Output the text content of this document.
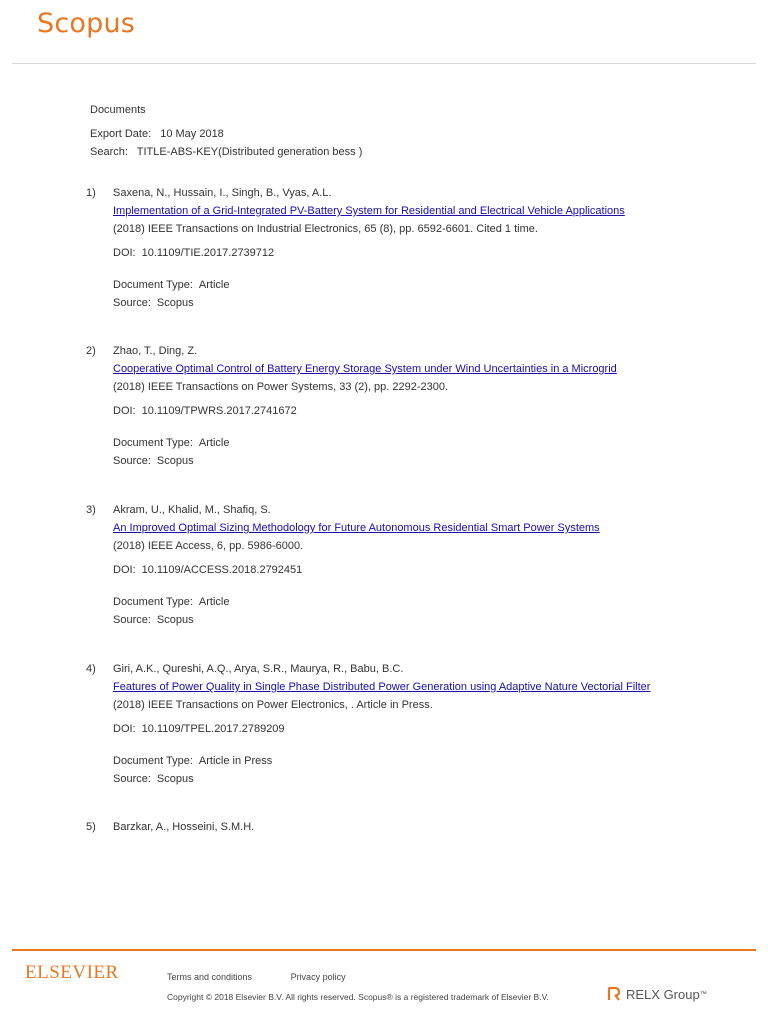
Scopus
Documents
Export Date: 10 May 2018
Search: TITLE-ABS-KEY(Distributed generation bess )
1)	Saxena, N., Hussain, I., Singh, B., Vyas, A.L.
Implementation of a Grid-Integrated PV-Battery System for Residential and Electrical Vehicle Applications
(2018) IEEE Transactions on Industrial Electronics, 65 (8), pp. 6592-6601. Cited 1 time.
DOI: 10.1109/TIE.2017.2739712
Document Type: Article
Source: Scopus
2)	Zhao, T., Ding, Z.
Cooperative Optimal Control of Battery Energy Storage System under Wind Uncertainties in a Microgrid
(2018) IEEE Transactions on Power Systems, 33 (2), pp. 2292-2300.
DOI: 10.1109/TPWRS.2017.2741672
Document Type: Article
Source: Scopus
3)	Akram, U., Khalid, M., Shafiq, S.
An Improved Optimal Sizing Methodology for Future Autonomous Residential Smart Power Systems
(2018) IEEE Access, 6, pp. 5986-6000.
DOI: 10.1109/ACCESS.2018.2792451
Document Type: Article
Source: Scopus
4)	Giri, A.K., Qureshi, A.Q., Arya, S.R., Maurya, R., Babu, B.C.
Features of Power Quality in Single Phase Distributed Power Generation using Adaptive Nature Vectorial Filter
(2018) IEEE Transactions on Power Electronics, . Article in Press.
DOI: 10.1109/TPEL.2017.2789209
Document Type: Article in Press
Source: Scopus
5)	Barzkar, A., Hosseini, S.M.H.
ELSEVIER	Terms and conditions	Privacy policy
Copyright © 2018 Elsevier B.V. All rights reserved. Scopus® is a registered trademark of Elsevier B.V.	RELX Group ™
